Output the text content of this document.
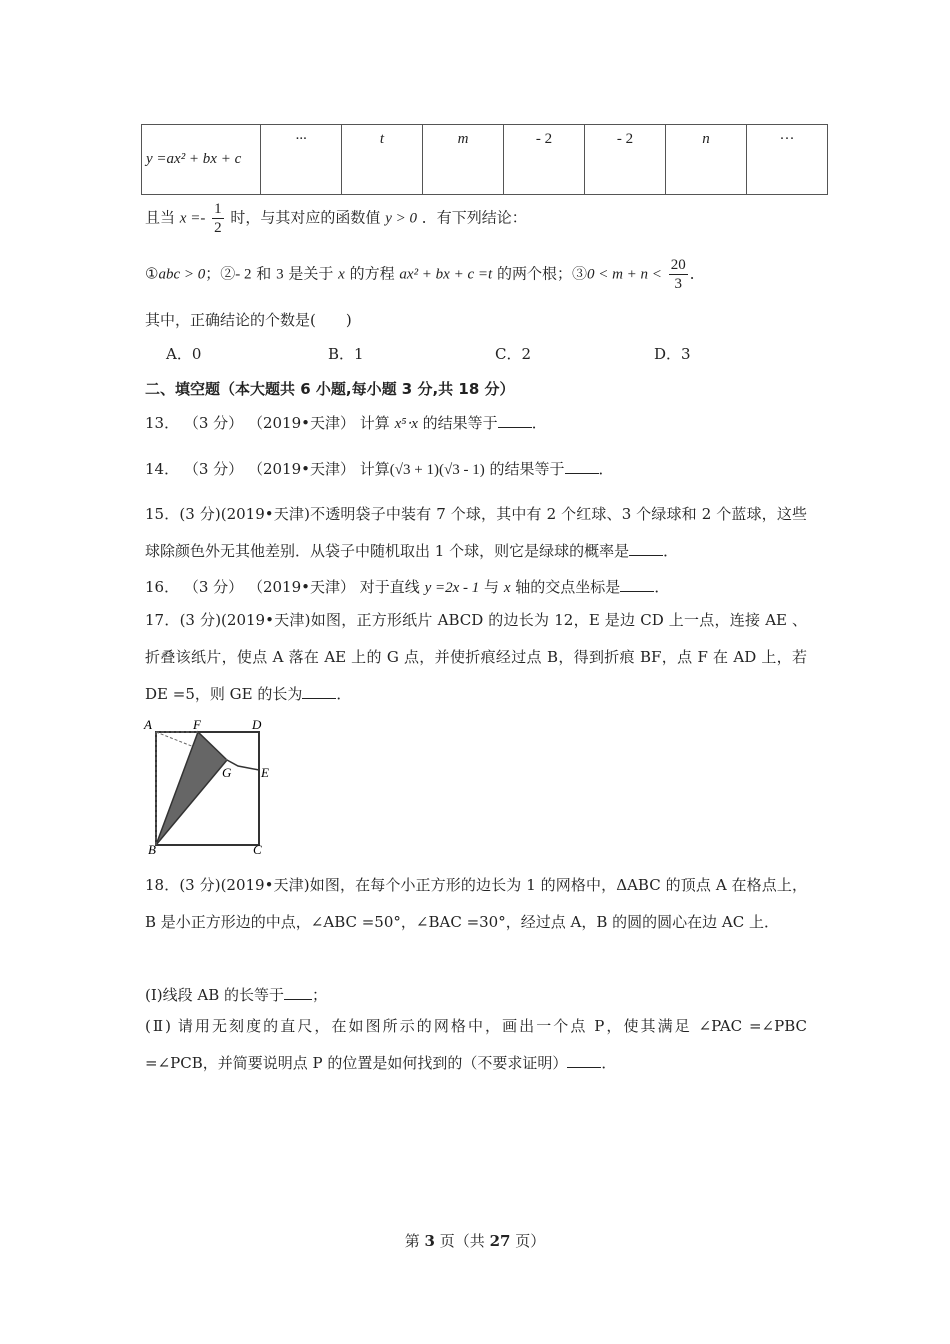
y =ax² + bx + c	···	t	m	- 2	- 2	n	···
且当 $x =- \frac{1}{2}$ 时，与其对应的函数值 y > 0 ．有下列结论：
①abc > 0；②- 2 和 3 是关于 x 的方程 ax² + bx + c =t 的两个根；③0 < $m + n < \frac{20}{3}$ ．
其中，正确结论的个数是(　　)
A．0	B．1	C．2	D．3
二、填空题（本大题共 6 小题,每小题 3 分,共 18 分）
13． （3 分） （2019•天津） 计算 x⁵⋅x 的结果等于 ．
14． （3 分） （2019•天津） 计算(√3 + 1)(√3 - 1) 的结果等于 ．
15．(3 分)(2019•天津)不透明袋子中装有 7 个球，其中有 2 个红球、3 个绿球和 2 个蓝球，这些球除颜色外无其他差别．从袋子中随机取出 1 个球，则它是绿球的概率是 ．
16． （3 分） （2019•天津） 对于直线 y =2x - 1 与 x 轴的交点坐标是 ．
17．(3 分)(2019•天津)如图，正方形纸片 ABCD 的边长为 12，E 是边 CD 上一点，连接 AE 、折叠该纸片，使点 A 落在 AE 上的 G 点，并使折痕经过点 B，得到折痕 BF，点 F 在 AD 上，若 DE =5，则 GE 的长为 ．
A	F	D
G E
B	C
18．(3 分)(2019•天津)如图，在每个小正方形的边长为 1 的网格中，ΔABC 的顶点 A 在格点上，B 是小正方形边的中点，∠ABC =50°，∠BAC =30°，经过点 A，B 的圆的圆心在边 AC 上．
(Ⅰ)线段 AB 的长等于 ；
(Ⅱ) 请用无刻度的直尺，在如图所示的网格中，画出一个点 P，使其满足 ∠PAC =∠PBC =∠PCB，并简要说明点 P 的位置是如何找到的（不要求证明） ．
第 3 页（共 27 页）
